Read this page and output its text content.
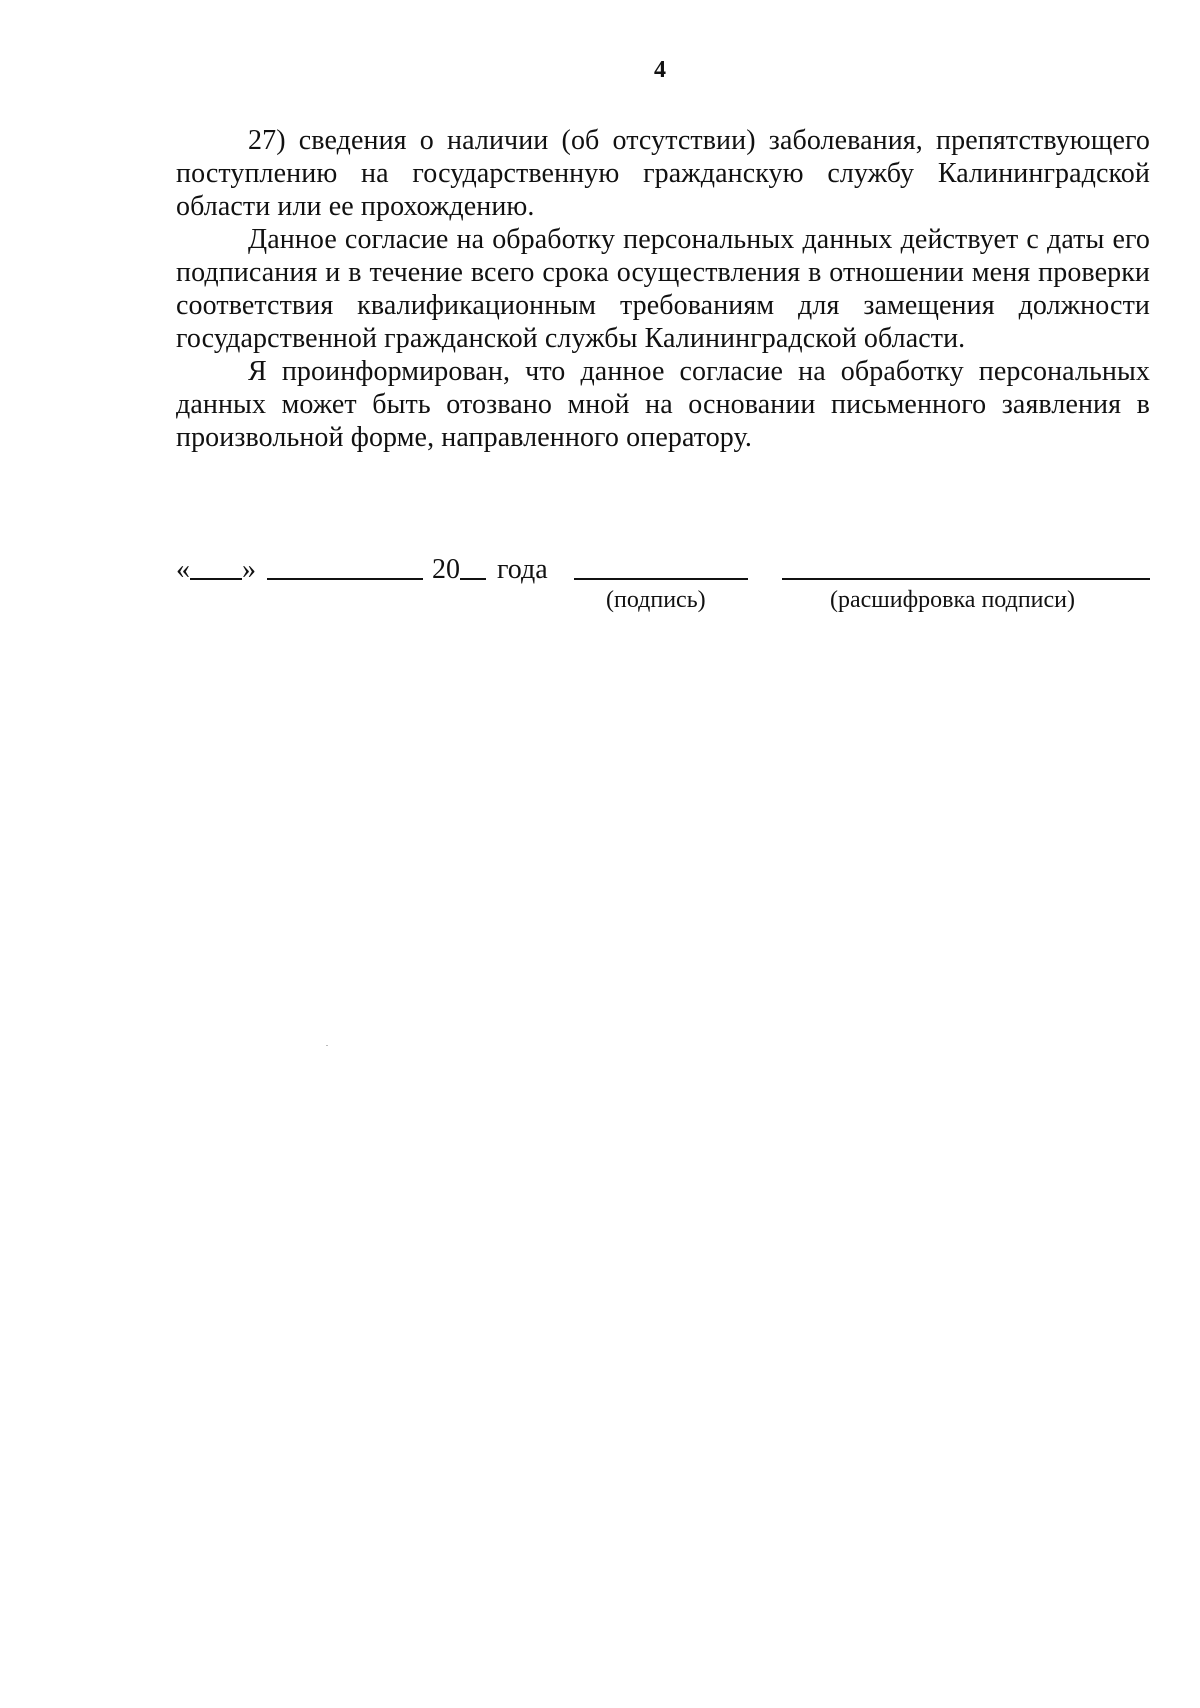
4

27) сведения о наличии (об отсутствии) заболевания, препятствующего поступлению на государственную гражданскую службу Калининградской области или ее прохождению.

Данное согласие на обработку персональных данных действует с даты его подписания и в течение всего срока осуществления в отношении меня проверки соответствия квалификационным требованиям для замещения должности государственной гражданской службы Калининградской области.

Я проинформирован, что данное согласие на обработку персональных данных может быть отозвано мной на основании письменного заявления в произвольной форме, направленного оператору.

« »	20 года
(подпись)	(расшифровка подписи)
